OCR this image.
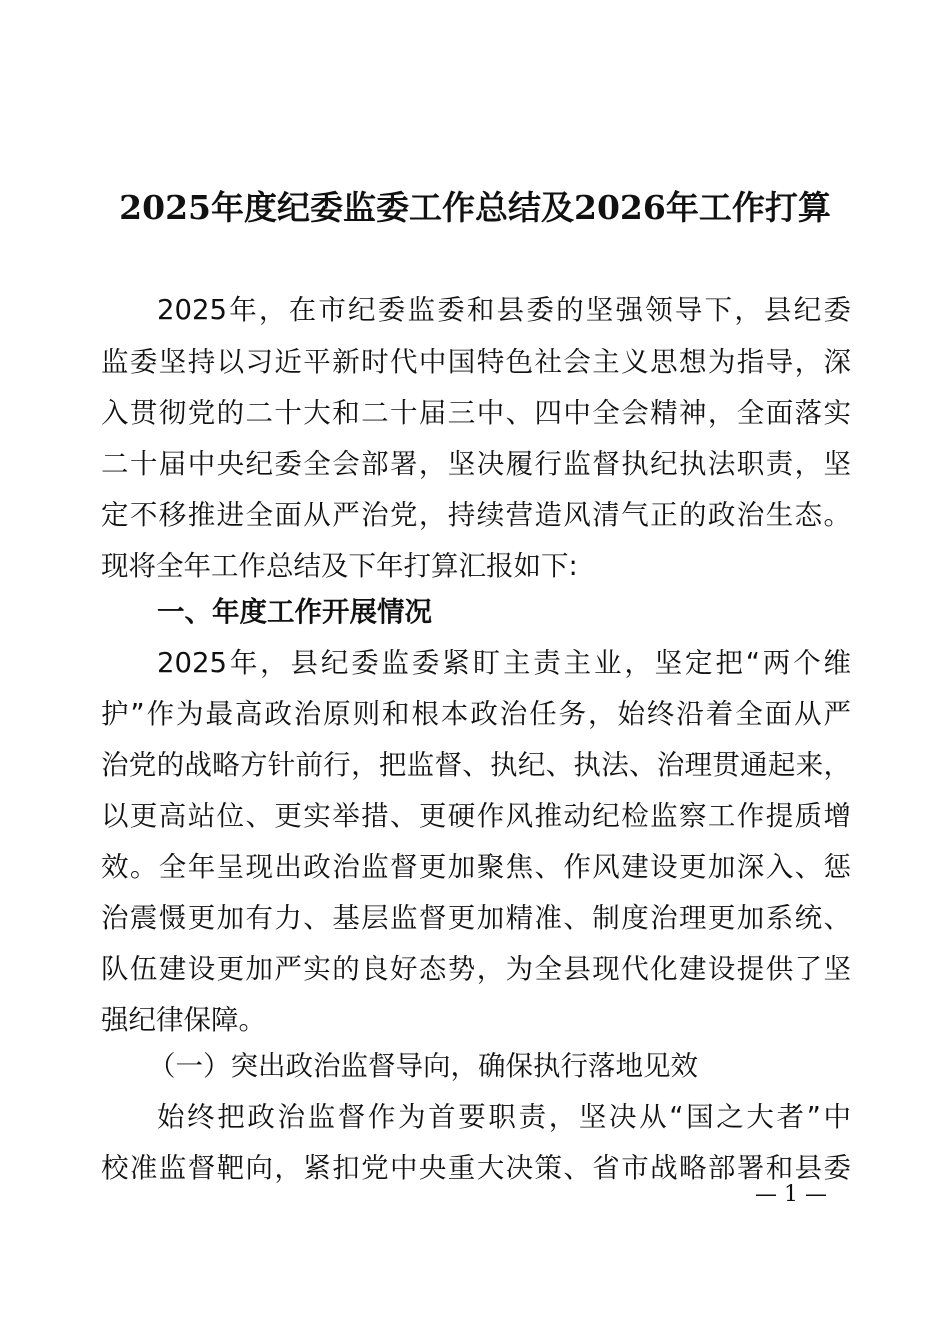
2025年度纪委监委工作总结及2026年工作打算
2025年，在市纪委监委和县委的坚强领导下，县纪委
监委坚持以习近平新时代中国特色社会主义思想为指导，深
入贯彻党的二十大和二十届三中、四中全会精神，全面落实
二十届中央纪委全会部署，坚决履行监督执纪执法职责，坚
定不移推进全面从严治党，持续营造风清气正的政治生态。
现将全年工作总结及下年打算汇报如下:
一、年度工作开展情况
2025年，县纪委监委紧盯主责主业，坚定把“两个维
护”作为最高政治原则和根本政治任务，始终沿着全面从严
治党的战略方针前行，把监督、执纪、执法、治理贯通起来，
以更高站位、更实举措、更硬作风推动纪检监察工作提质增
效。全年呈现出政治监督更加聚焦、作风建设更加深入、惩
治震慑更加有力、基层监督更加精准、制度治理更加系统、
队伍建设更加严实的良好态势，为全县现代化建设提供了坚
强纪律保障。
（一）突出政治监督导向，确保执行落地见效
始终把政治监督作为首要职责，坚决从“国之大者”中
校准监督靶向，紧扣党中央重大决策、省市战略部署和县委
— 1 —
